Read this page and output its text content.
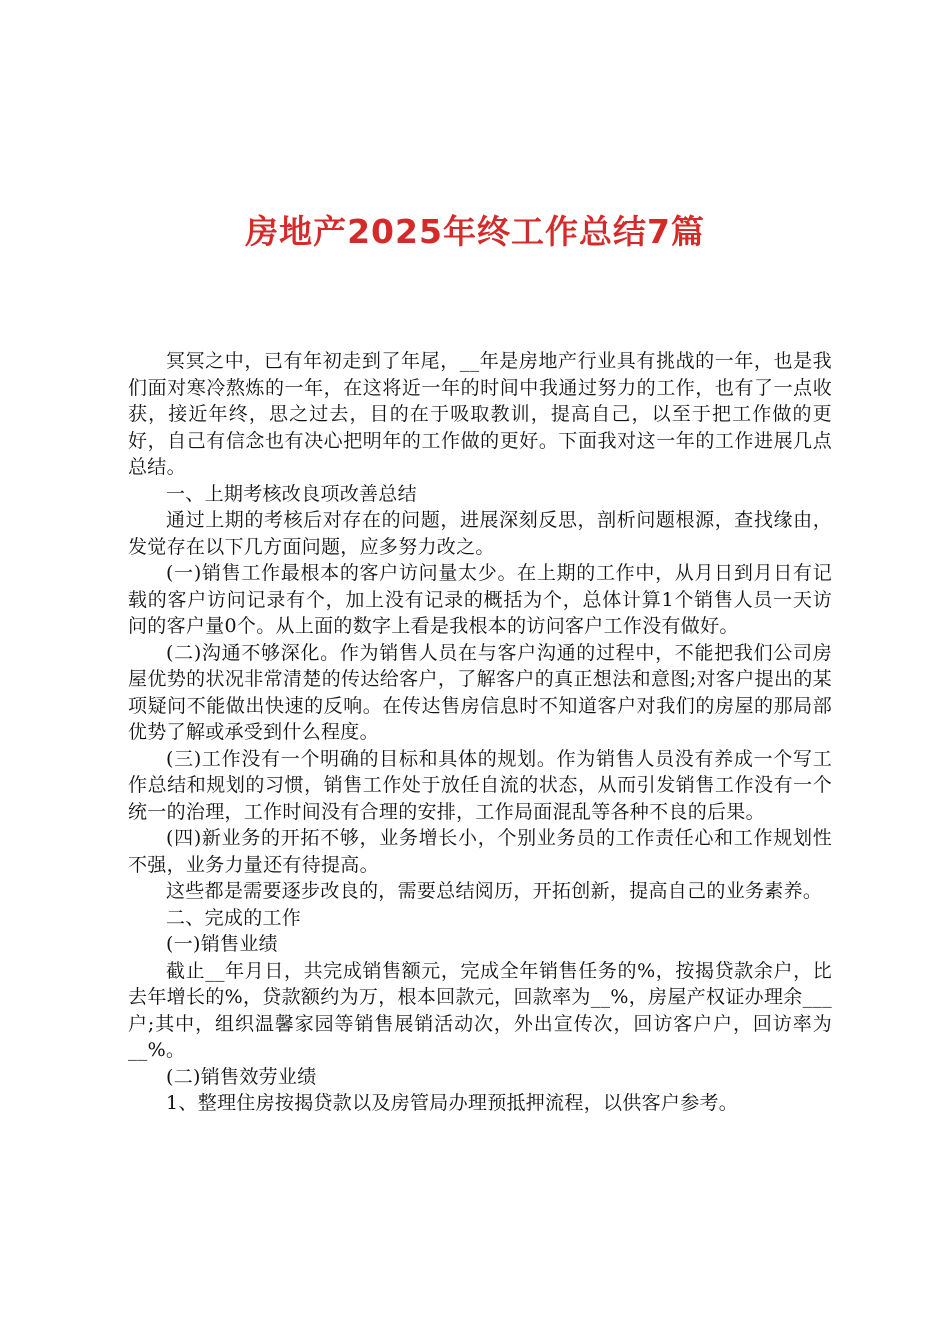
房地产2025年终工作总结7篇

冥冥之中，已有年初走到了年尾，__年是房地产行业具有挑战的一年，也是我们面对寒冷熬炼的一年，在这将近一年的时间中我通过努力的工作，也有了一点收获，接近年终，思之过去，目的在于吸取教训，提高自己，以至于把工作做的更好，自己有信念也有决心把明年的工作做的更好。下面我对这一年的工作进展几点总结。

一、上期考核改良项改善总结

通过上期的考核后对存在的问题，进展深刻反思，剖析问题根源，查找缘由，发觉存在以下几方面问题，应多努力改之。

(一)销售工作最根本的客户访问量太少。在上期的工作中，从月日到月日有记载的客户访问记录有个，加上没有记录的概括为个，总体计算1个销售人员一天访问的客户量0个。从上面的数字上看是我根本的访问客户工作没有做好。

(二)沟通不够深化。作为销售人员在与客户沟通的过程中，不能把我们公司房屋优势的状况非常清楚的传达给客户，了解客户的真正想法和意图;对客户提出的某项疑问不能做出快速的反响。在传达售房信息时不知道客户对我们的房屋的那局部优势了解或承受到什么程度。

(三)工作没有一个明确的目标和具体的规划。作为销售人员没有养成一个写工作总结和规划的习惯，销售工作处于放任自流的状态，从而引发销售工作没有一个统一的治理，工作时间没有合理的安排，工作局面混乱等各种不良的后果。

(四)新业务的开拓不够，业务增长小，个别业务员的工作责任心和工作规划性不强，业务力量还有待提高。

这些都是需要逐步改良的，需要总结阅历，开拓创新，提高自己的业务素养。

二、完成的工作

(一)销售业绩

截止__年月日，共完成销售额元，完成全年销售任务的%，按揭贷款余户，比去年增长的%，贷款额约为万，根本回款元，回款率为__%，房屋产权证办理余___户;其中，组织温馨家园等销售展销活动次，外出宣传次，回访客户户，回访率为__%。

(二)销售效劳业绩

1、整理住房按揭贷款以及房管局办理预抵押流程，以供客户参考。
